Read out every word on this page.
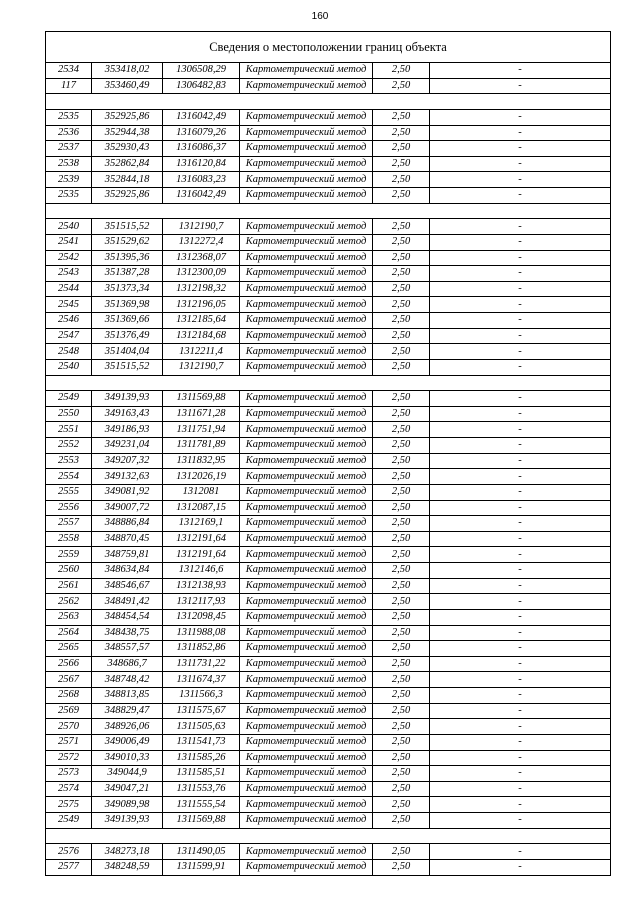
160
Сведения о местоположении границ объекта					
2534	353418,02	1306508,29	Картометрический метод	2,50	-
117	353460,49	1306482,83	Картометрический метод	2,50	-

2535	352925,86	1316042,49	Картометрический метод	2,50	-
2536	352944,38	1316079,26	Картометрический метод	2,50	-
2537	352930,43	1316086,37	Картометрический метод	2,50	-
2538	352862,84	1316120,84	Картометрический метод	2,50	-
2539	352844,18	1316083,23	Картометрический метод	2,50	-
2535	352925,86	1316042,49	Картометрический метод	2,50	-

2540	351515,52	1312190,7	Картометрический метод	2,50	-
2541	351529,62	1312272,4	Картометрический метод	2,50	-
2542	351395,36	1312368,07	Картометрический метод	2,50	-
2543	351387,28	1312300,09	Картометрический метод	2,50	-
2544	351373,34	1312198,32	Картометрический метод	2,50	-
2545	351369,98	1312196,05	Картометрический метод	2,50	-
2546	351369,66	1312185,64	Картометрический метод	2,50	-
2547	351376,49	1312184,68	Картометрический метод	2,50	-
2548	351404,04	1312211,4	Картометрический метод	2,50	-
2540	351515,52	1312190,7	Картометрический метод	2,50	-

2549	349139,93	1311569,88	Картометрический метод	2,50	-
2550	349163,43	1311671,28	Картометрический метод	2,50	-
2551	349186,93	1311751,94	Картометрический метод	2,50	-
2552	349231,04	1311781,89	Картометрический метод	2,50	-
2553	349207,32	1311832,95	Картометрический метод	2,50	-
2554	349132,63	1312026,19	Картометрический метод	2,50	-
2555	349081,92	1312081	Картометрический метод	2,50	-
2556	349007,72	1312087,15	Картометрический метод	2,50	-
2557	348886,84	1312169,1	Картометрический метод	2,50	-
2558	348870,45	1312191,64	Картометрический метод	2,50	-
2559	348759,81	1312191,64	Картометрический метод	2,50	-
2560	348634,84	1312146,6	Картометрический метод	2,50	-
2561	348546,67	1312138,93	Картометрический метод	2,50	-
2562	348491,42	1312117,93	Картометрический метод	2,50	-
2563	348454,54	1312098,45	Картометрический метод	2,50	-
2564	348438,75	1311988,08	Картометрический метод	2,50	-
2565	348557,57	1311852,86	Картометрический метод	2,50	-
2566	348686,7	1311731,22	Картометрический метод	2,50	-
2567	348748,42	1311674,37	Картометрический метод	2,50	-
2568	348813,85	1311566,3	Картометрический метод	2,50	-
2569	348829,47	1311575,67	Картометрический метод	2,50	-
2570	348926,06	1311505,63	Картометрический метод	2,50	-
2571	349006,49	1311541,73	Картометрический метод	2,50	-
2572	349010,33	1311585,26	Картометрический метод	2,50	-
2573	349044,9	1311585,51	Картометрический метод	2,50	-
2574	349047,21	1311553,76	Картометрический метод	2,50	-
2575	349089,98	1311555,54	Картометрический метод	2,50	-
2549	349139,93	1311569,88	Картометрический метод	2,50	-

2576	348273,18	1311490,05	Картометрический метод	2,50	-
2577	348248,59	1311599,91	Картометрический метод	2,50	-
